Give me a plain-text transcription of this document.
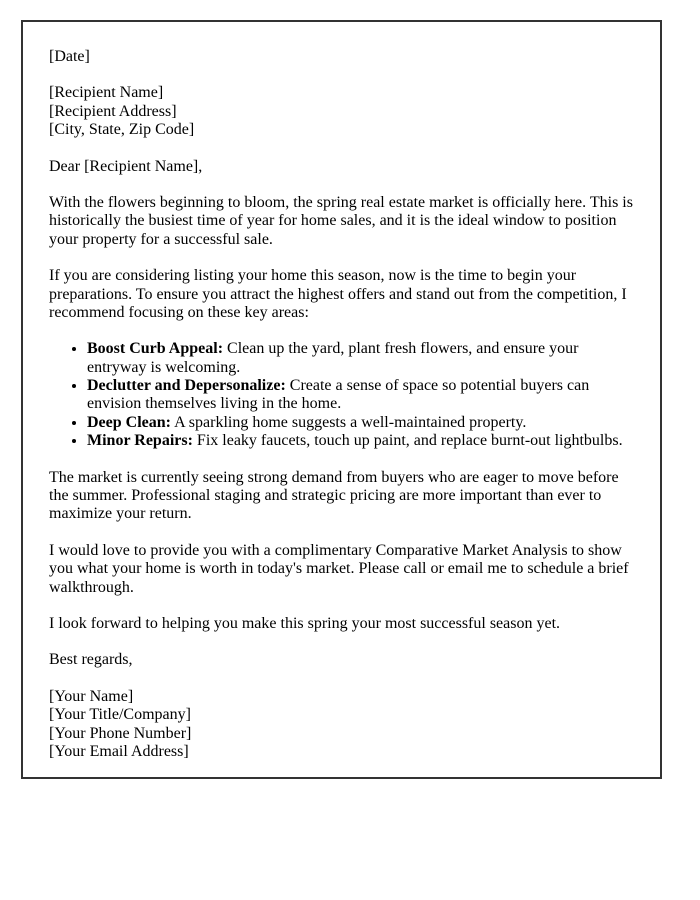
[Date]
[Recipient Name]
[Recipient Address]
[City, State, Zip Code]

Dear [Recipient Name],

With the flowers beginning to bloom, the spring real estate market is officially here. This is historically the busiest time of year for home sales, and it is the ideal window to position your property for a successful sale.

If you are considering listing your home this season, now is the time to begin your preparations. To ensure you attract the highest offers and stand out from the competition, I recommend focusing on these key areas:

• Boost Curb Appeal: Clean up the yard, plant fresh flowers, and ensure your entryway is welcoming.
• Declutter and Depersonalize: Create a sense of space so potential buyers can envision themselves living in the home.
• Deep Clean: A sparkling home suggests a well-maintained property.
• Minor Repairs: Fix leaky faucets, touch up paint, and replace burnt-out lightbulbs.

The market is currently seeing strong demand from buyers who are eager to move before the summer. Professional staging and strategic pricing are more important than ever to maximize your return.

I would love to provide you with a complimentary Comparative Market Analysis to show you what your home is worth in today's market. Please call or email me to schedule a brief walkthrough.

I look forward to helping you make this spring your most successful season yet.

Best regards,

[Your Name]
[Your Title/Company]
[Your Phone Number]
[Your Email Address]
